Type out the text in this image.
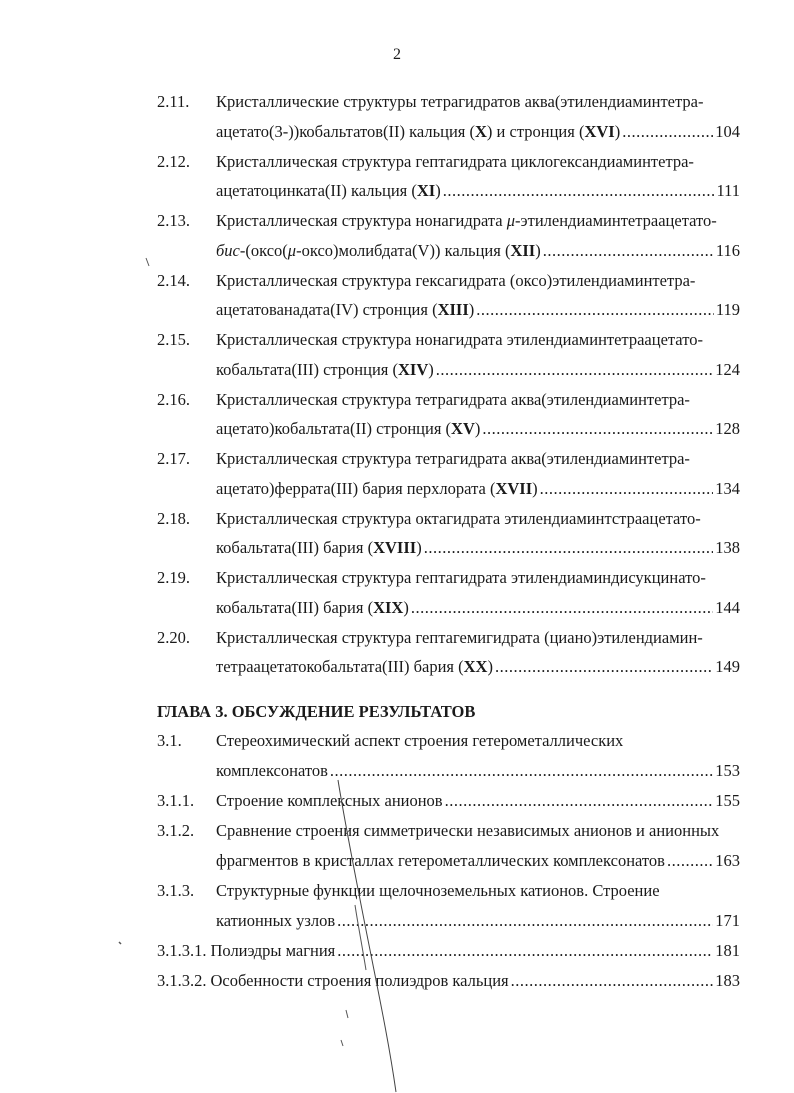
2
2.11. Кристаллические структуры тетрагидратов аква(этилендиаминтетра-
ацетато(3-))кобальтатов(II) кальция (X) и стронция (XVI) .....	104
2.12. Кристаллическая структура гептагидрата циклогександиаминтетра-
ацетатоцинката(II) кальция (XI) .....	111
2.13. Кристаллическая структура нонагидрата μ-этилендиаминтетраацетато-
бис-(оксо(μ-оксо)молибдата(V)) кальция (XII) .....	116
2.14. Кристаллическая структура гексагидрата (оксо)этилендиаминтетра-
ацетатованадата(IV) стронция (XIII) .....	119
2.15. Кристаллическая структура нонагидрата этилендиаминтетраацетато-
кобальтата(III) стронция (XIV) .....	124
2.16. Кристаллическая структура тетрагидрата аква(этилендиаминтетра-
ацетато)кобальтата(II) стронция (XV) .....	128
2.17. Кристаллическая структура тетрагидрата аква(этилендиаминтетра-
ацетато)феррата(III) бария перхлората (XVII) .....	134
2.18. Кристаллическая структура октагидрата этилендиаминтстраацетато-
кобальтата(III) бария (XVIII) .....	138
2.19. Кристаллическая структура гептагидрата этилендиаминдисукцинато-
кобальтата(III) бария (XIX) .....	144
2.20. Кристаллическая структура гептагемигидрата (циано)этилендиамин-
тетраацетатокобальтата(III) бария (XX) .....	149
3.1. Стереохимический аспект строения гетерометаллических
комплексонатов .....	153
3.1.1. Строение комплексных анионов .....	155
3.1.2. Сравнение строения симметрически независимых анионов и анионных
фрагментов в кристаллах гетерометаллических комплексонатов .....	163
3.1.3. Структурные функции щелочноземельных катионов. Строение
катионных узлов .....	171
3.1.3.1. Полиэдры магния .....	181
3.1.3.2. Особенности строения полиэдров кальция .....	183
ГЛАВА 3. ОБСУЖДЕНИЕ РЕЗУЛЬТАТОВ
